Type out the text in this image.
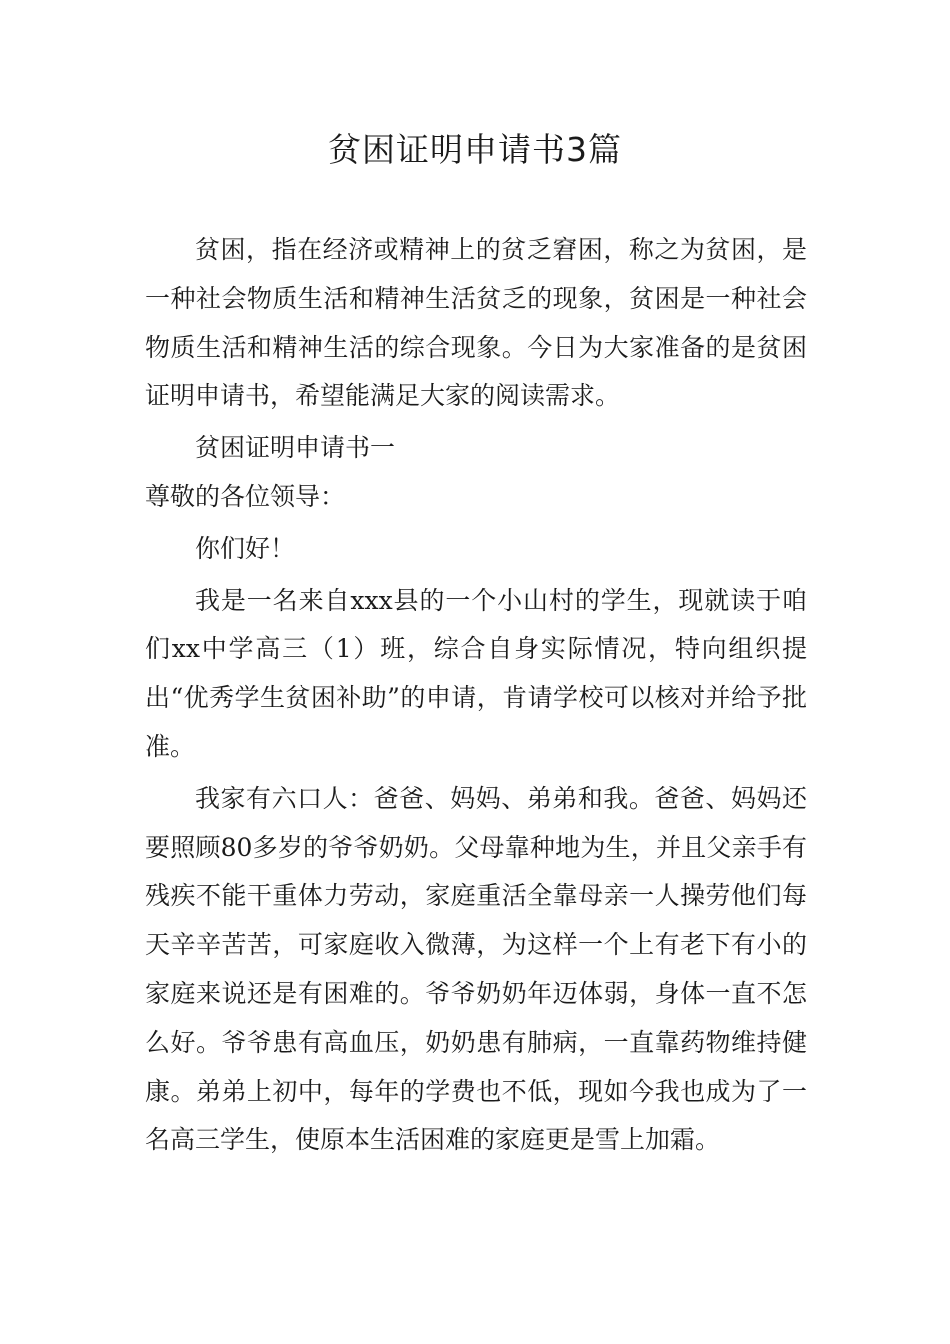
贫困证明申请书3篇

贫困，指在经济或精神上的贫乏窘困，称之为贫困，是一种社会物质生活和精神生活贫乏的现象，贫困是一种社会物质生活和精神生活的综合现象。今日为大家准备的是贫困证明申请书，希望能满足大家的阅读需求。

贫困证明申请书一

尊敬的各位领导：

你们好！

我是一名来自xxx县的一个小山村的学生，现就读于咱们xx中学高三（1）班，综合自身实际情况，特向组织提出“优秀学生贫困补助”的申请，肯请学校可以核对并给予批准。

我家有六口人：爸爸、妈妈、弟弟和我。爸爸、妈妈还要照顾80多岁的爷爷奶奶。父母靠种地为生，并且父亲手有残疾不能干重体力劳动，家庭重活全靠母亲一人操劳他们每天辛辛苦苦，可家庭收入微薄，为这样一个上有老下有小的家庭来说还是有困难的。爷爷奶奶年迈体弱，身体一直不怎么好。爷爷患有高血压，奶奶患有肺病，一直靠药物维持健康。弟弟上初中，每年的学费也不低，现如今我也成为了一名高三学生，使原本生活困难的家庭更是雪上加霜。
